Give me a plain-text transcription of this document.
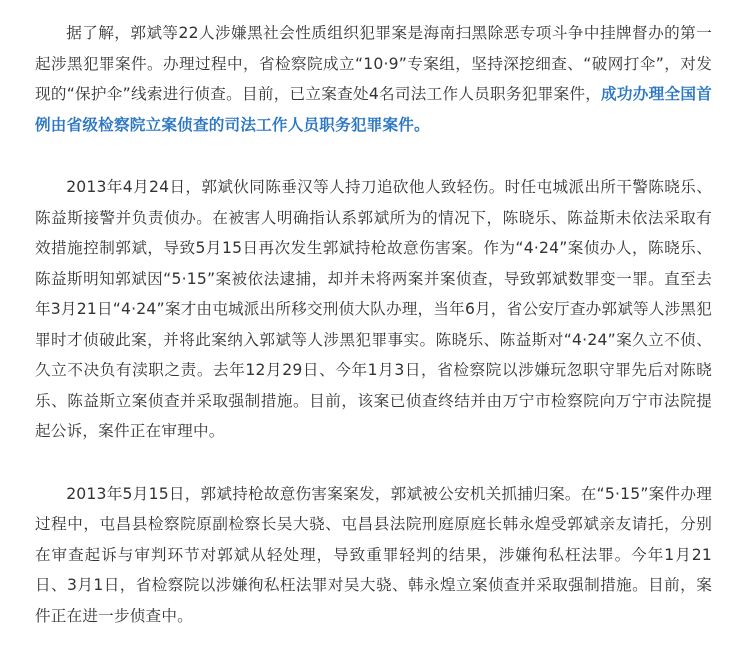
据了解，郭斌等22人涉嫌黑社会性质组织犯罪案是海南扫黑除恶专项斗争中挂牌督办的第一起涉黑犯罪案件。办理过程中，省检察院成立“10·9”专案组，坚持深挖细查、“破网打伞”，对发现的“保护伞”线索进行侦查。目前，已立案查处4名司法工作人员职务犯罪案件，成功办理全国首例由省级检察院立案侦查的司法工作人员职务犯罪案件。

2013年4月24日，郭斌伙同陈垂汉等人持刀追砍他人致轻伤。时任屯城派出所干警陈晓乐、陈益斯接警并负责侦办。在被害人明确指认系郭斌所为的情况下，陈晓乐、陈益斯未依法采取有效措施控制郭斌，导致5月15日再次发生郭斌持枪故意伤害案。作为“4·24”案侦办人，陈晓乐、陈益斯明知郭斌因“5·15”案被依法逮捕，却并未将两案并案侦查，导致郭斌数罪变一罪。直至去年3月21日“4·24”案才由屯城派出所移交刑侦大队办理，当年6月，省公安厅查办郭斌等人涉黑犯罪时才侦破此案，并将此案纳入郭斌等人涉黑犯罪事实。陈晓乐、陈益斯对“4·24”案久立不侦、久立不决负有渎职之责。去年12月29日、今年1月3日，省检察院以涉嫌玩忽职守罪先后对陈晓乐、陈益斯立案侦查并采取强制措施。目前，该案已侦查终结并由万宁市检察院向万宁市法院提起公诉，案件正在审理中。

2013年5月15日，郭斌持枪故意伤害案案发，郭斌被公安机关抓捕归案。在“5·15”案件办理过程中，屯昌县检察院原副检察长吴大骁、屯昌县法院刑庭原庭长韩永煌受郭斌亲友请托，分别在审查起诉与审判环节对郭斌从轻处理，导致重罪轻判的结果，涉嫌徇私枉法罪。今年1月21日、3月1日，省检察院以涉嫌徇私枉法罪对吴大骁、韩永煌立案侦查并采取强制措施。目前，案件正在进一步侦查中。
